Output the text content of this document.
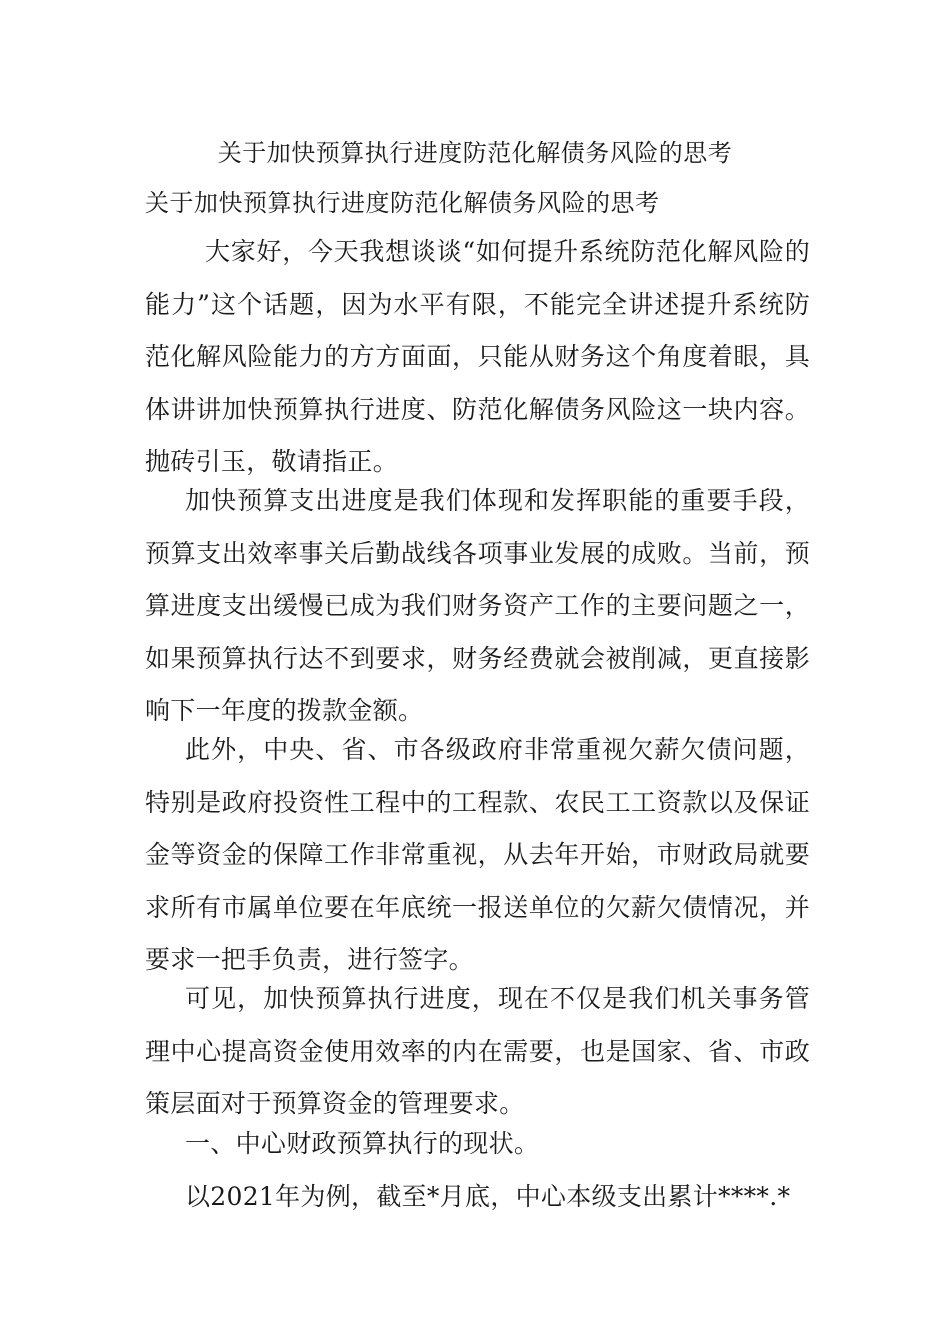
关于加快预算执行进度防范化解债务风险的思考
关于加快预算执行进度防范化解债务风险的思考

大家好，今天我想谈谈“如何提升系统防范化解风险的能力”这个话题，因为水平有限，不能完全讲述提升系统防范化解风险能力的方方面面，只能从财务这个角度着眼，具体讲讲加快预算执行进度、防范化解债务风险这一块内容。抛砖引玉，敬请指正。

加快预算支出进度是我们体现和发挥职能的重要手段，预算支出效率事关后勤战线各项事业发展的成败。当前，预算进度支出缓慢已成为我们财务资产工作的主要问题之一，如果预算执行达不到要求，财务经费就会被削减，更直接影响下一年度的拨款金额。

此外，中央、省、市各级政府非常重视欠薪欠债问题，特别是政府投资性工程中的工程款、农民工工资款以及保证金等资金的保障工作非常重视，从去年开始，市财政局就要求所有市属单位要在年底统一报送单位的欠薪欠债情况，并要求一把手负责，进行签字。

可见，加快预算执行进度，现在不仅是我们机关事务管理中心提高资金使用效率的内在需要，也是国家、省、市政策层面对于预算资金的管理要求。

一、中心财政预算执行的现状。

以2021年为例，截至*月底，中心本级支出累计****.*
